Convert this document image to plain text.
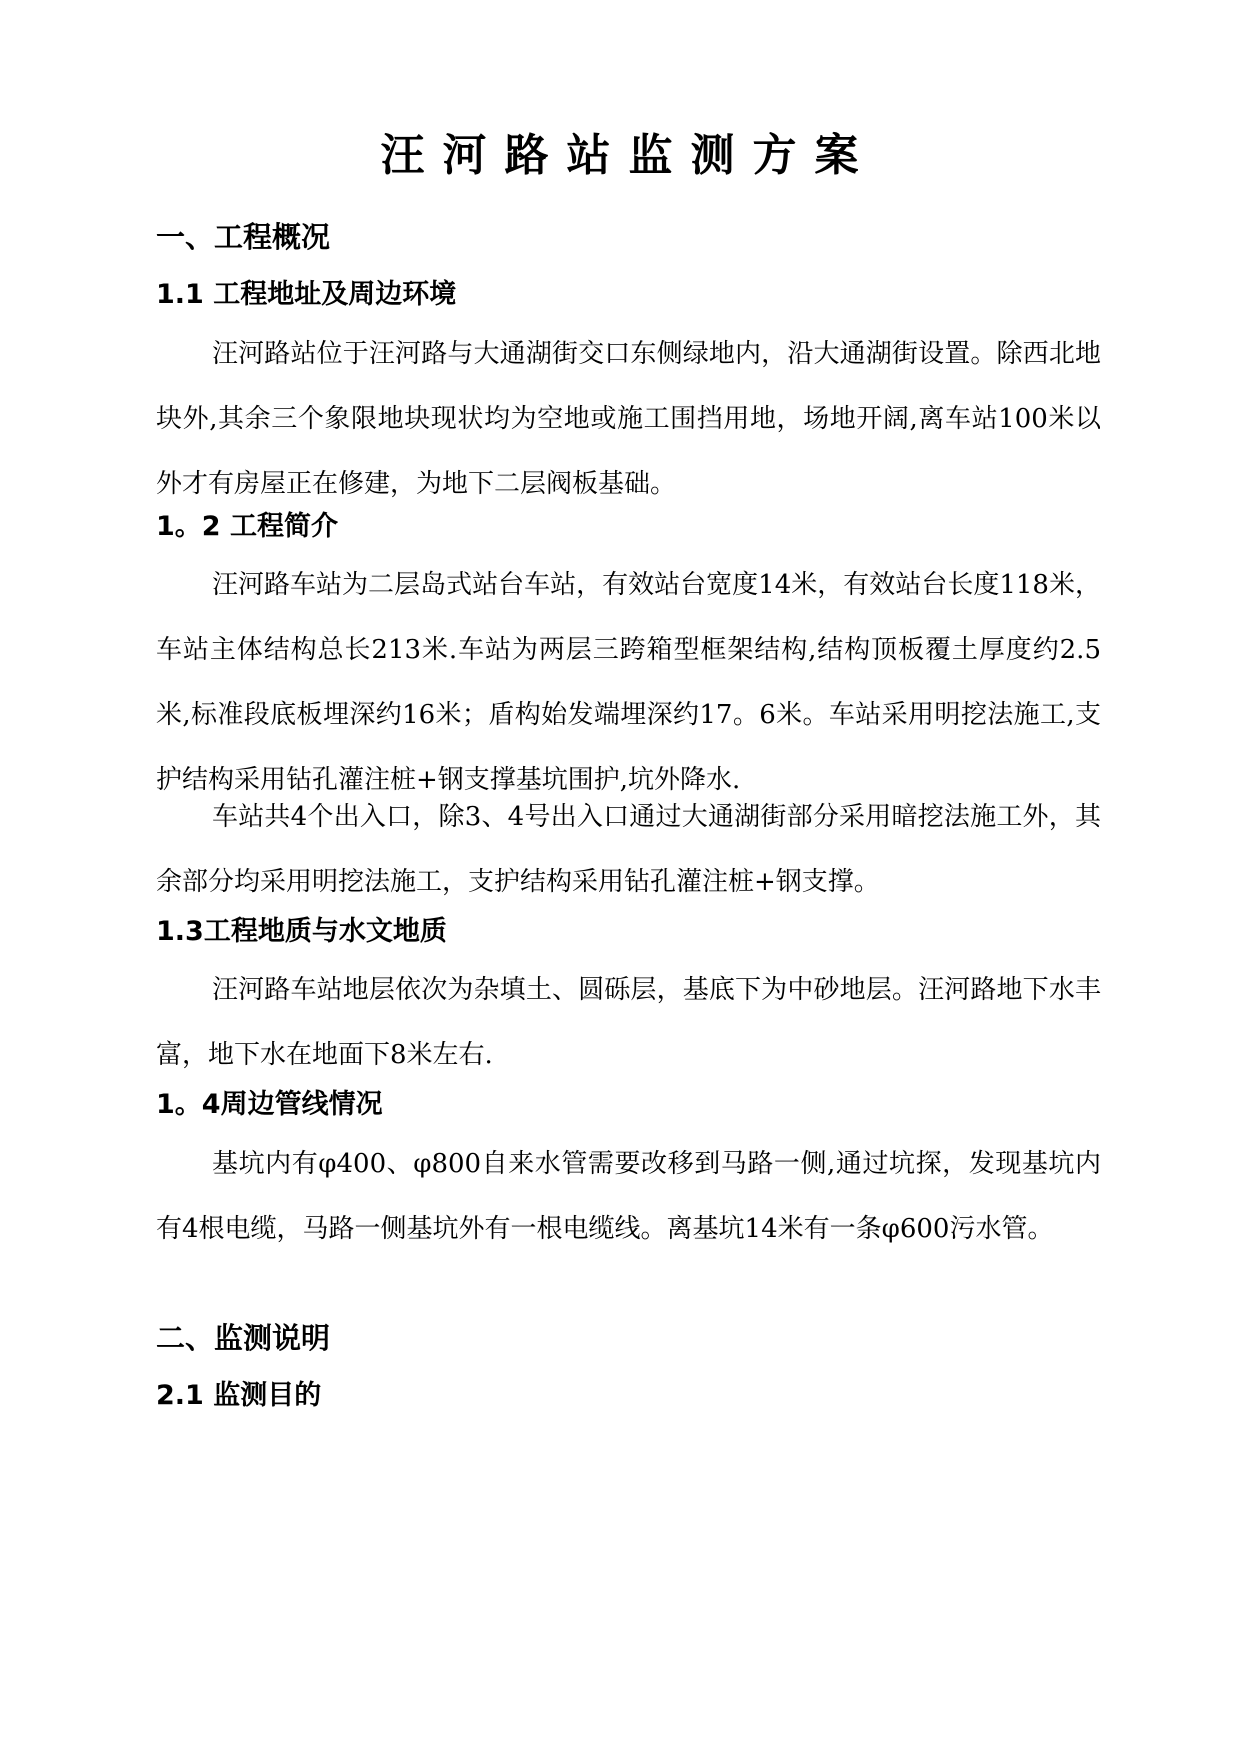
汪河路站监测方案
一、工程概况
1.1 工程地址及周边环境

汪河路站位于汪河路与大通湖街交口东侧绿地内，沿大通湖街设置。除西北地块外,其余三个象限地块现状均为空地或施工围挡用地，场地开阔,离车站100米以外才有房屋正在修建，为地下二层阀板基础。

1。2 工程简介

汪河路车站为二层岛式站台车站，有效站台宽度14米，有效站台长度118米，车站主体结构总长213米.车站为两层三跨箱型框架结构,结构顶板覆土厚度约2.5米,标准段底板埋深约16米；盾构始发端埋深约17。6米。车站采用明挖法施工,支护结构采用钻孔灌注桩+钢支撑基坑围护,坑外降水.

车站共4个出入口，除3、4号出入口通过大通湖街部分采用暗挖法施工外，其余部分均采用明挖法施工，支护结构采用钻孔灌注桩+钢支撑。

1.3工程地质与水文地质

汪河路车站地层依次为杂填土、圆砾层，基底下为中砂地层。汪河路地下水丰富，地下水在地面下8米左右.

1。4周边管线情况

基坑内有φ400、φ800自来水管需要改移到马路一侧,通过坑探，发现基坑内有4根电缆，马路一侧基坑外有一根电缆线。离基坑14米有一条φ600污水管。

二、监测说明
2.1 监测目的
